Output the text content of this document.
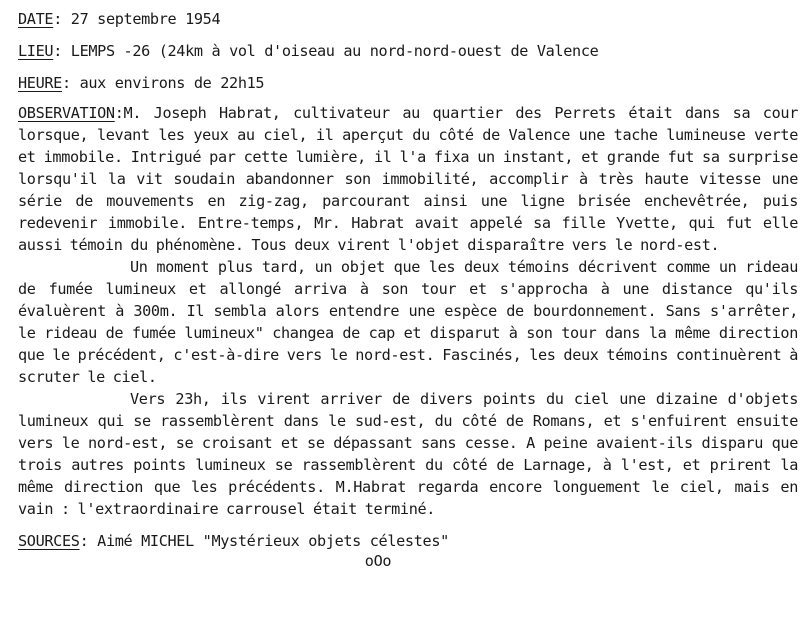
DATE: 27 septembre 1954
LIEU: LEMPS -26 (24km à vol d'oiseau au nord-nord-ouest de Valence
HEURE: aux environs de 22h15

OBSERVATION:M. Joseph Habrat, cultivateur au quartier des Perrets était dans sa cour lorsque, levant les yeux au ciel, il aperçut du côté de Valence une tache lumineuse verte et immobile. Intrigué par cette lumière, il l'a fixa un instant, et grande fut sa surprise lorsqu'il la vit soudain abandonner son immobilité, accomplir à très haute vitesse une série de mouvements en zig-zag, parcourant ainsi une ligne brisée enchevêtrée, puis redevenir immobile. Entre-temps, Mr. Habrat avait appelé sa fille Yvette, qui fut elle aussi témoin du phénomène. Tous deux virent l'objet disparaître vers le nord-est.

Un moment plus tard, un objet que les deux témoins décrivent comme un rideau de fumée lumineux et allongé arriva à son tour et s'approcha à une distance qu'ils évaluèrent à 300m. Il sembla alors entendre une espèce de bourdonnement. Sans s'arrêter, le rideau de fumée lumineux" changea de cap et disparut à son tour dans la même direction que le précédent, c'est-à-dire vers le nord-est. Fascinés, les deux témoins continuèrent à scruter le ciel.

Vers 23h, ils virent arriver de divers points du ciel une dizaine d'objets lumineux qui se rassemblèrent dans le sud-est, du côté de Romans, et s'enfuirent ensuite vers le nord-est, se croisant et se dépassant sans cesse. A peine avaient-ils disparu que trois autres points lumineux se rassemblèrent du côté de Larnage, à l'est, et prirent la même direction que les précédents. M.Habrat regarda encore longuement le ciel, mais en vain : l'extraordinaire carrousel était terminé.

SOURCES: Aimé MICHEL "Mystérieux objets célestes"

oOo
